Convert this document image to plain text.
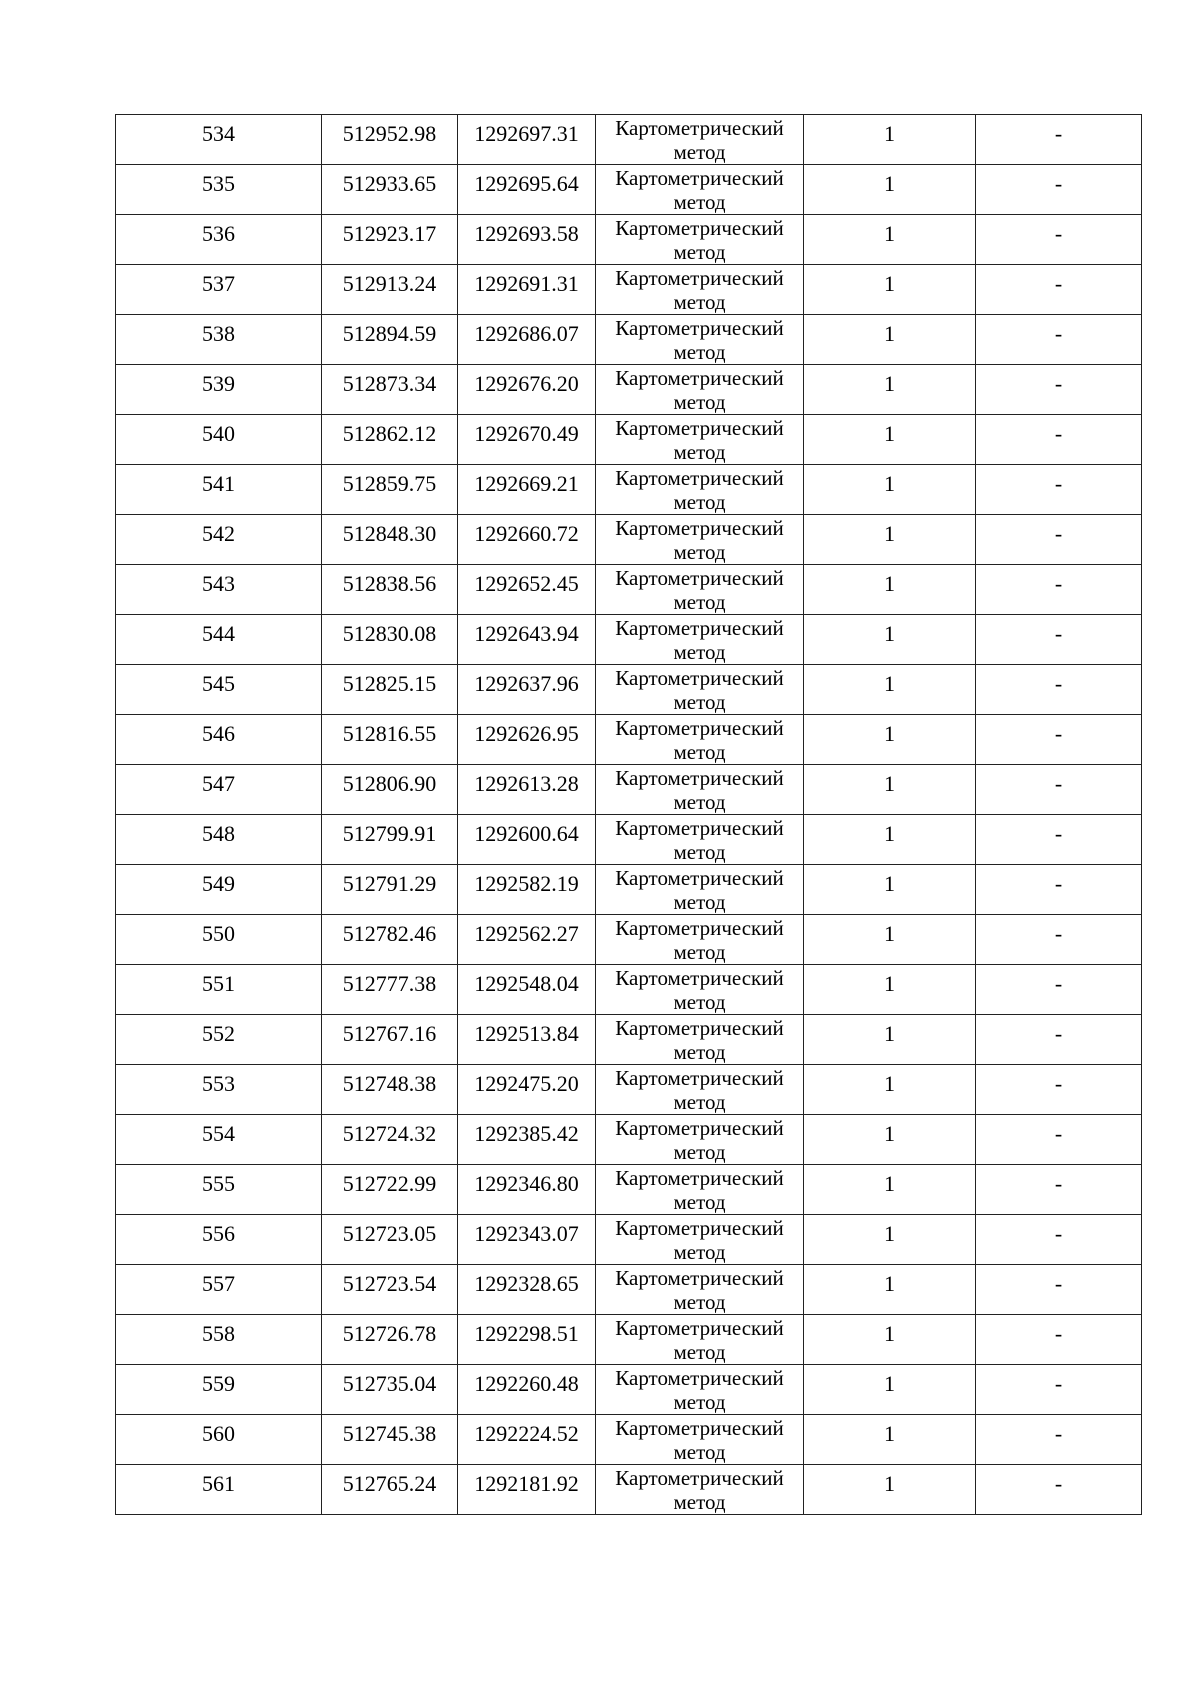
534	512952.98	1292697.31	Картометрический метод	1	-

535	512933.65	1292695.64	Картометрический метод	1	-

536	512923.17	1292693.58	Картометрический метод	1	-

537	512913.24	1292691.31	Картометрический метод	1	-

538	512894.59	1292686.07	Картометрический метод	1	-

539	512873.34	1292676.20	Картометрический метод	1	-

540	512862.12	1292670.49	Картометрический метод	1	-

541	512859.75	1292669.21	Картометрический метод	1	-

542	512848.30	1292660.72	Картометрический метод	1	-

543	512838.56	1292652.45	Картометрический метод	1	-

544	512830.08	1292643.94	Картометрический метод	1	-

545	512825.15	1292637.96	Картометрический метод	1	-

546	512816.55	1292626.95	Картометрический метод	1	-

547	512806.90	1292613.28	Картометрический метод	1	-

548	512799.91	1292600.64	Картометрический метод	1	-

549	512791.29	1292582.19	Картометрический метод	1	-

550	512782.46	1292562.27	Картометрический метод	1	-

551	512777.38	1292548.04	Картометрический метод	1	-

552	512767.16	1292513.84	Картометрический метод	1	-

553	512748.38	1292475.20	Картометрический метод	1	-

554	512724.32	1292385.42	Картометрический метод	1	-

555	512722.99	1292346.80	Картометрический метод	1	-

556	512723.05	1292343.07	Картометрический метод	1	-

557	512723.54	1292328.65	Картометрический метод	1	-

558	512726.78	1292298.51	Картометрический метод	1	-

559	512735.04	1292260.48	Картометрический метод	1	-

560	512745.38	1292224.52	Картометрический метод	1	-

561	512765.24	1292181.92	Картометрический метод	1	-
